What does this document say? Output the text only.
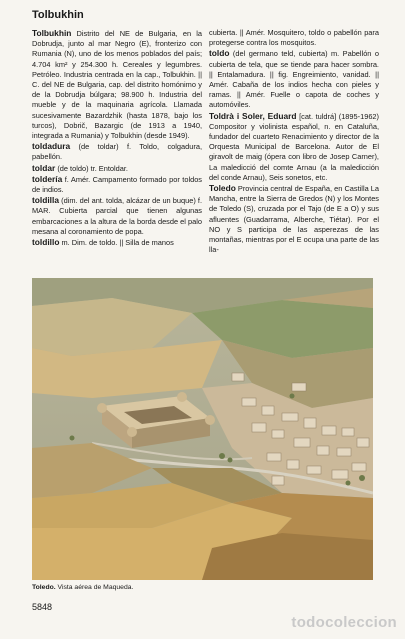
Tolbukhin

Tolbukhin Distrito del NE de Bulgaria, en la Dobrudja, junto al mar Negro (E), fronterizo con Rumania (N), uno de los menos poblados del país; 4.704 km² y 254.300 h. Cereales y legumbres. Petróleo. Industria centrada en la cap., Tolbukhin. || C. del NE de Bulgaria, cap. del distrito homónimo y de la Dobrudja búlgara; 98.900 h. Industria del mueble y de la maquinaria agrícola. Llamada sucesivamente Bazardzhik (hasta 1878, bajo los turcos), Dobrič, Bazargic (de 1913 a 1940, integrada a Rumania) y Tolbukhin (desde 1949).

toldadura (de toldar) f. Toldo, colgadura, pabellón.

toldar (de toldo) tr. Entoldar.

toldería f. Amér. Campamento formado por toldos de indios.

toldilla (dim. del ant. tolda, alcázar de un buque) f. MAR. Cubierta parcial que tienen algunas embarcaciones a la altura de la borda desde el palo mesana al coronamiento de popa.

toldillo m. Dim. de toldo. || Silla de manos

cubierta. || Amér. Mosquitero, toldo o pabellón para protegerse contra los mosquitos.

toldo (del germano teld, cubierta) m. Pabellón o cubierta de tela, que se tiende para hacer sombra. || Entalamadura. || fig. Engreimiento, vanidad. || Amér. Cabaña de los indios hecha con pieles y ramas. || Amér. Fuelle o capota de coches y automóviles.

Toldrà i Soler, Eduard [cat. tuldrá] (1895-1962) Compositor y violinista español, n. en Cataluña, fundador del cuarteto Renacimiento y director de la Orquesta Municipal de Barcelona. Autor de El giravolt de maig (ópera con libro de Josep Carner), La maledicció del comte Arnau (a la maledicción del conde Arnau), Seis sonetos, etc.

Toledo Provincia central de España, en Castilla La Mancha, entre la Sierra de Gredos (N) y los Montes de Toledo (S), cruzada por el Tajo (de E a O) y sus afluentes (Guadarrama, Alberche, Tiétar). Por el NO y S participa de las asperezas de las montañas, mientras por el E ocupa una parte de las lla-

Toledo. Vista aérea de Maqueda.
5848
todocoleccion
